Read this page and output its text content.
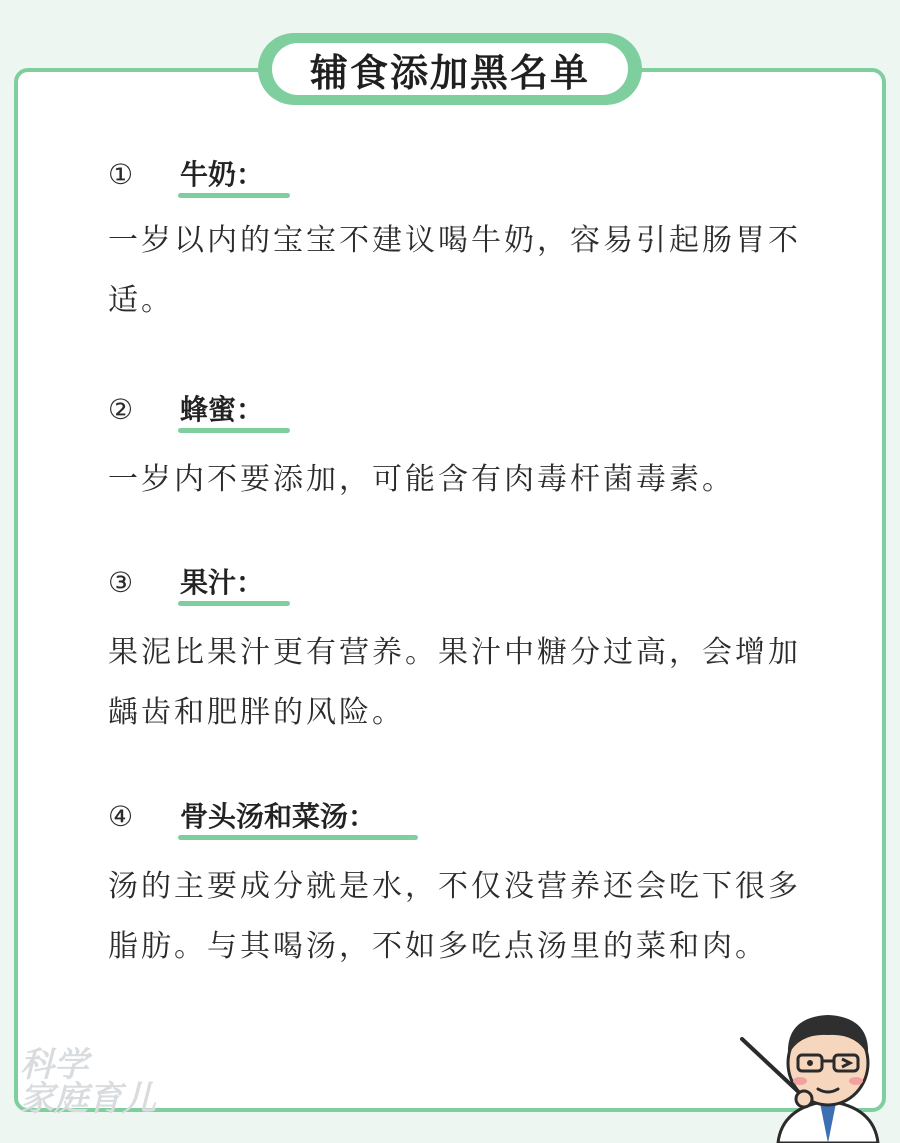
辅食添加黑名单
① 牛奶：
一岁以内的宝宝不建议喝牛奶，容易引起肠胃不适。
② 蜂蜜：
一岁内不要添加，可能含有肉毒杆菌毒素。
③ 果汁：
果泥比果汁更有营养。果汁中糖分过高，会增加龋齿和肥胖的风险。
④ 骨头汤和菜汤：
汤的主要成分就是水，不仅没营养还会吃下很多脂肪。与其喝汤，不如多吃点汤里的菜和肉。
科学
家庭育儿
